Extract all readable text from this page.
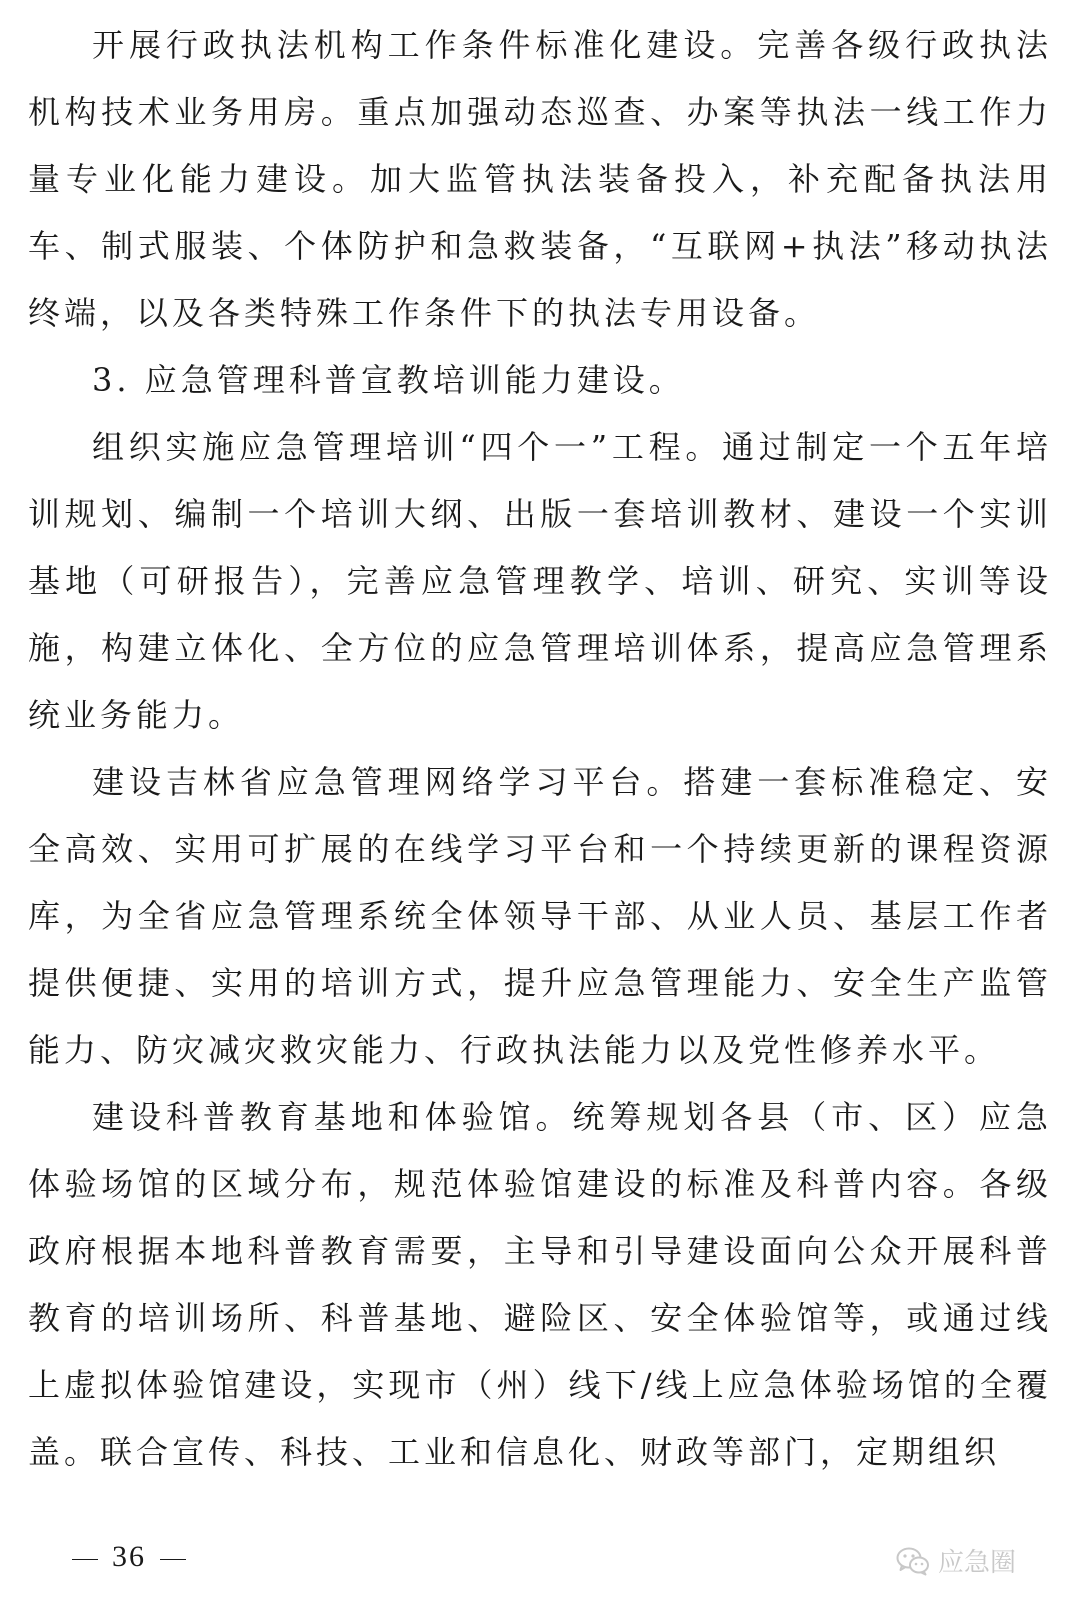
开展行政执法机构工作条件标准化建设。完善各级行政执法机构技术业务用房。重点加强动态巡查、办案等执法一线工作力量专业化能力建设。加大监管执法装备投入，补充配备执法用车、制式服装、个体防护和急救装备，“互联网+执法”移动执法终端，以及各类特殊工作条件下的执法专用设备。

3. 应急管理科普宣教培训能力建设。

组织实施应急管理培训“四个一”工程。通过制定一个五年培训规划、编制一个培训大纲、出版一套培训教材、建设一个实训基地（可研报告），完善应急管理教学、培训、研究、实训等设施，构建立体化、全方位的应急管理培训体系，提高应急管理系统业务能力。

建设吉林省应急管理网络学习平台。搭建一套标准稳定、安全高效、实用可扩展的在线学习平台和一个持续更新的课程资源库，为全省应急管理系统全体领导干部、从业人员、基层工作者提供便捷、实用的培训方式，提升应急管理能力、安全生产监管能力、防灾减灾救灾能力、行政执法能力以及党性修养水平。

建设科普教育基地和体验馆。统筹规划各县（市、区）应急体验场馆的区域分布，规范体验馆建设的标准及科普内容。各级政府根据本地科普教育需要，主导和引导建设面向公众开展科普教育的培训场所、科普基地、避险区、安全体验馆等，或通过线上虚拟体验馆建设，实现市（州）线下/线上应急体验场馆的全覆盖。联合宣传、科技、工业和信息化、财政等部门，定期组织

36	应急圈
